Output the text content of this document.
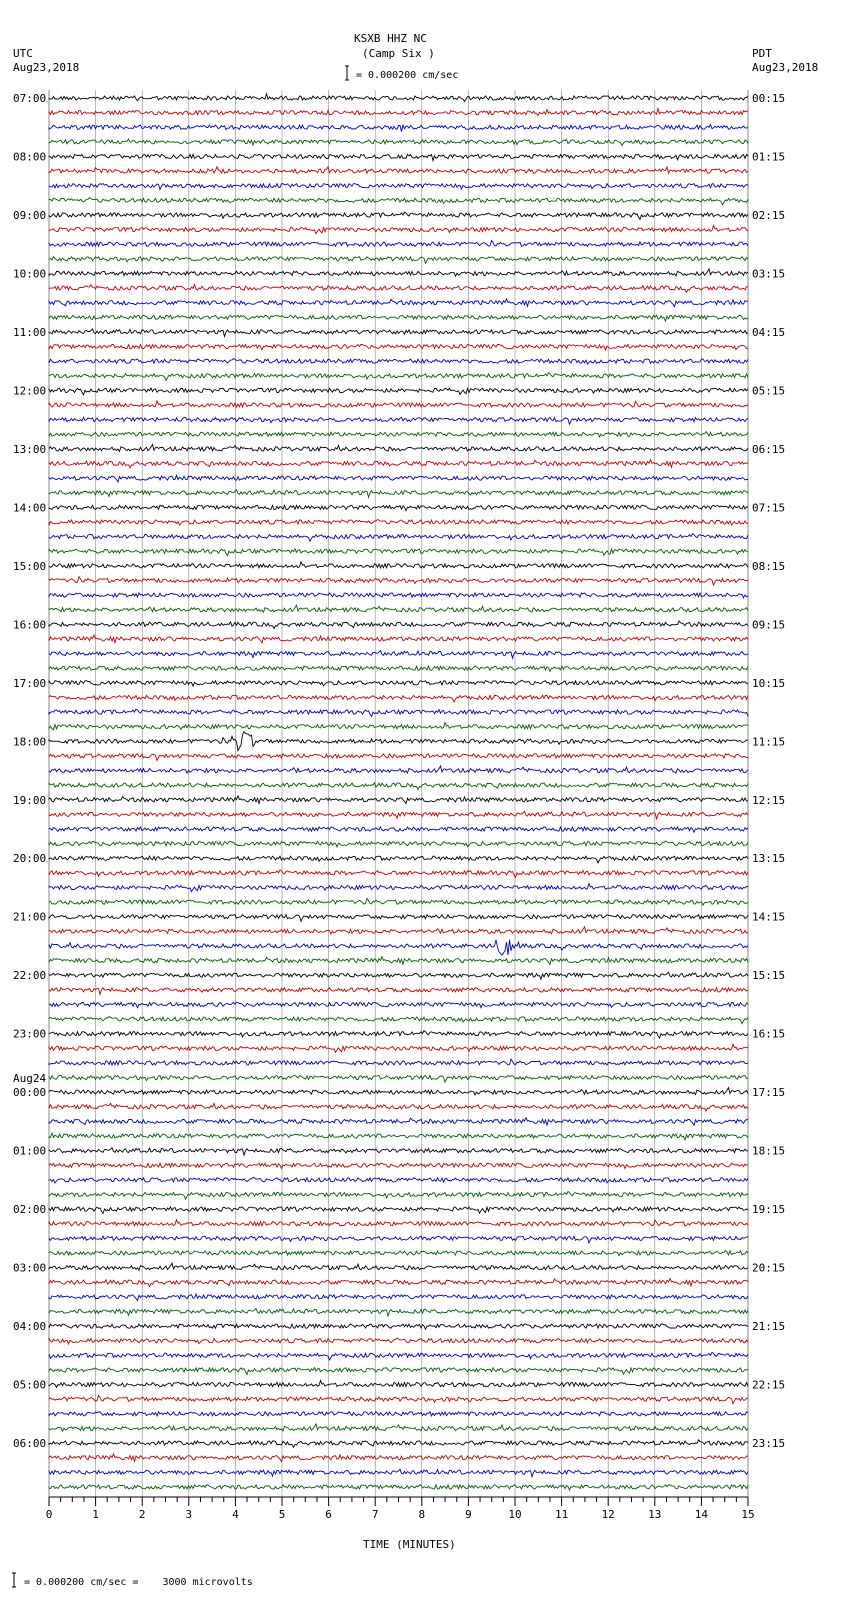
KSXB HHZ NC
(Camp Six )
UTC
Aug23,2018
PDT
Aug23,2018
= 0.000200 cm/sec
= 0.000200 cm/sec =    3000 microvolts
TIME (MINUTES)
07:00
08:00
09:00
10:00
11:00
12:00
13:00
14:00
15:00
16:00
17:00
18:00
19:00
20:00
21:00
22:00
23:00
00:00
01:00
02:00
03:00
04:00
05:00
06:00
Aug24
00:15
01:15
02:15
03:15
04:15
05:15
06:15
07:15
08:15
09:15
10:15
11:15
12:15
13:15
14:15
15:15
16:15
17:15
18:15
19:15
20:15
21:15
22:15
23:15
0	1	2	3	4	5	6	7	8	9	10	11	12	13	14	15
